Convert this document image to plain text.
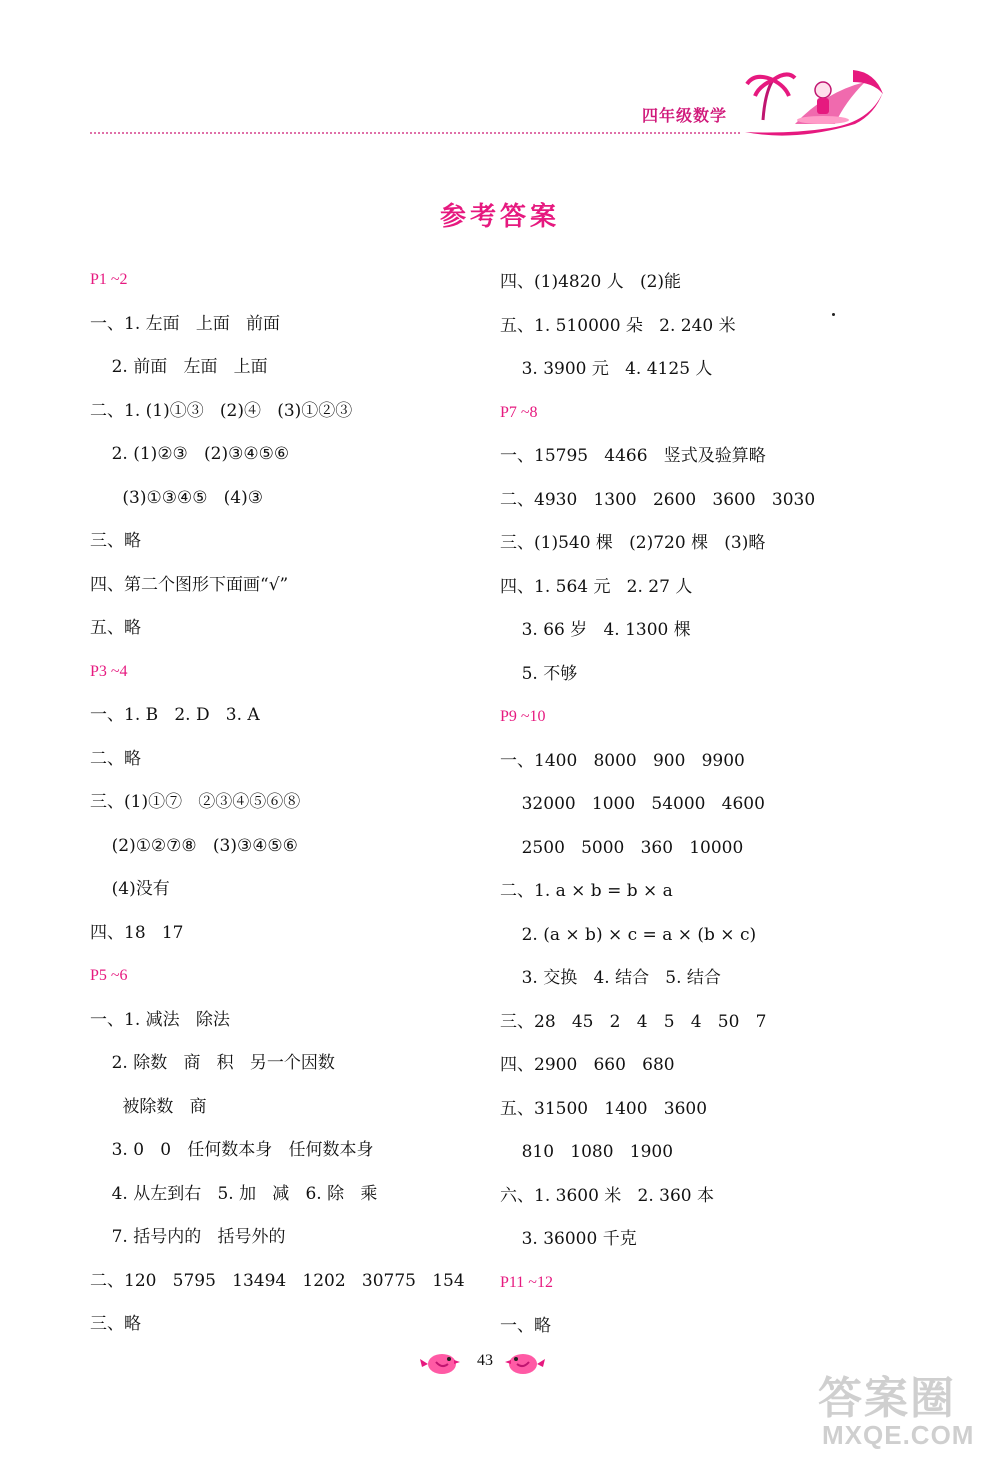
四年级数学
参考答案
P1 ~2
一、1. 左面   上面   前面
2. 前面   左面   上面
二、1. (1)①③   (2)④   (3)①②③
2. (1)②③   (2)③④⑤⑥
(3)①③④⑤   (4)③
三、略
四、第二个图形下面画“√”
五、略
P3 ~4
一、1. B   2. D   3. A
二、略
三、(1)①⑦   ②③④⑤⑥⑧
(2)①②⑦⑧   (3)③④⑤⑥
(4)没有
四、18   17
P5 ~6
一、1. 减法   除法
2. 除数   商   积   另一个因数
被除数   商
3. 0   0   任何数本身   任何数本身
4. 从左到右   5. 加   减   6. 除   乘
7. 括号内的   括号外的
二、120   5795   13494   1202   30775   154
三、略
四、(1)4820 人   (2)能
五、1. 510000 朵   2. 240 米
3. 3900 元   4. 4125 人
P7 ~8
一、15795   4466   竖式及验算略
二、4930   1300   2600   3600   3030
三、(1)540 棵   (2)720 棵   (3)略
四、1. 564 元   2. 27 人
3. 66 岁   4. 1300 棵
5. 不够
P9 ~10
一、1400   8000   900   9900
32000   1000   54000   4600
2500   5000   360   10000
二、1. a × b = b × a
2. (a × b) × c = a × (b × c)
3. 交换   4. 结合   5. 结合
三、28   45   2   4   5   4   50   7
四、2900   660   680
五、31500   1400   3600
810   1080   1900
六、1. 3600 米   2. 360 本
3. 36000 千克
P11 ~12
一、略
43
答案圈
MXQE.COM
